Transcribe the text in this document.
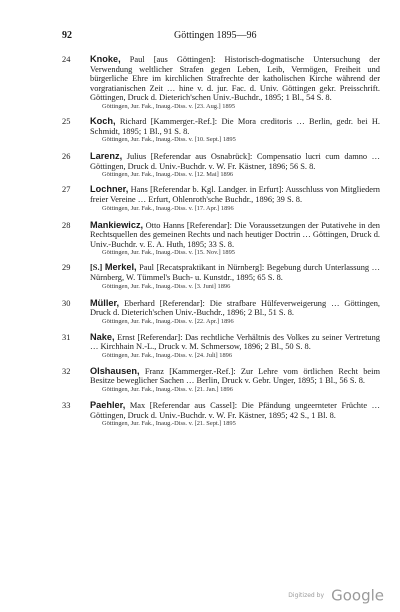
92	Göttingen 1895—96
24 Knoke, Paul [aus Göttingen]: Historisch-dogmatische Untersuchung der Verwendung weltlicher Strafen gegen Leben, Leib, Vermögen, Freiheit und bürgerliche Ehre im kirchlichen Strafrechte der katholischen Kirche während der vorgratianischen Zeit … hine v. d. jur. Fac. d. Univ. Göttingen gekr. Preisschrift. Göttingen, Druck d. Dieterich'schen Univ.-Buchdr., 1895; 1 Bl., 54 S. 8.
Göttingen, Jur. Fak., Inaug.-Diss. v. [23. Aug.] 1895
25 Koch, Richard [Kammerger.-Ref.]: Die Mora creditoris … Berlin, gedr. bei H. Schmidt, 1895; 1 Bl., 91 S. 8.
Göttingen, Jur. Fak., Inaug.-Diss. v. [10. Sept.] 1895
26 Larenz, Julius [Referendar aus Osnabrück]: Compensatio lucri cum damno … Göttingen, Druck d. Univ.-Buchdr. v. W. Fr. Kästner, 1896; 56 S. 8.
Göttingen, Jur. Fak., Inaug.-Diss. v. [12. Mai] 1896
27 Lochner, Hans [Referendar b. Kgl. Landger. in Erfurt]: Ausschluss von Mitgliedern freier Vereine … Erfurt, Ohlenroth'sche Buchdr., 1896; 39 S. 8.
Göttingen, Jur. Fak., Inaug.-Diss. v. [17. Apr.] 1896
28 Mankiewicz, Otto Hanns [Referendar]: Die Voraussetzungen der Putativehe in den Rechtsquellen des gemeinen Rechts und nach heutiger Doctrin … Göttingen, Druck d. Univ.-Buchdr. v. E. A. Huth, 1895; 33 S. 8.
Göttingen, Jur. Fak., Inaug.-Diss. v. [15. Nov.] 1895
29 [S.] Merkel, Paul [Recatspraktikant in Nürnberg]: Begebung durch Unterlassung … Nürnberg, W. Tümmel's Buch- u. Kunstdr., 1895; 65 S. 8.
Göttingen, Jur. Fak., Inaug.-Diss. v. [3. Juni] 1896
30 Müller, Eberhard [Referendar]: Die strafbare Hülfeverweigerung … Göttingen, Druck d. Dieterich'schen Univ.-Buchdr., 1896; 2 Bl., 51 S. 8.
Göttingen, Jur. Fak., Inaug.-Diss. v. [22. Apr.] 1896
31 Nake, Ernst [Referendar]: Das rechtliche Verhältnis des Volkes zu seiner Vertretung … Kirchhain N.-L., Druck v. M. Schmersow, 1896; 2 Bl., 50 S. 8.
Göttingen, Jur. Fak., Inaug.-Diss. v. [24. Juli] 1896
32 Olshausen, Franz [Kammerger.-Ref.]: Zur Lehre vom örtlichen Recht beim Besitze beweglicher Sachen … Berlin, Druck v. Gebr. Unger, 1895; 1 Bl., 56 S. 8.
Göttingen, Jur. Fak., Inaug.-Diss. v. [21. Jan.] 1896
33 Paehler, Max [Referendar aus Cassel]: Die Pfändung ungeernteter Früchte … Göttingen, Druck d. Univ.-Buchdr. v. W. Fr. Kästner, 1895; 42 S., 1 Bl. 8.
Göttingen, Jur. Fak., Inaug.-Diss. v. [21. Sept.] 1895
Digitized by Google
